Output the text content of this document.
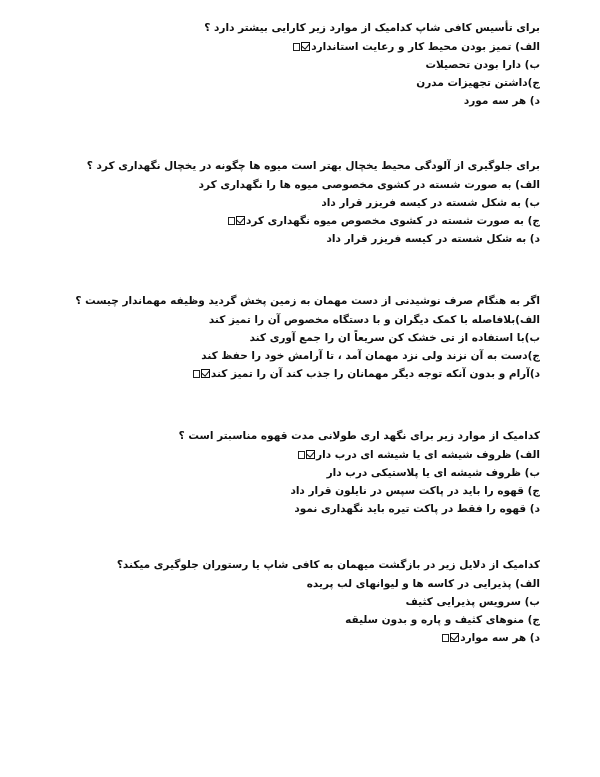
برای تأسیس کافی شاپ کدامیک از موارد زیر کارایی بیشتر دارد ؟
الف) تمیز بودن محیط کار و رعایت استاندارد
ب) دارا بودن تحصیلات
ج)داشتن تجهیزات مدرن
د) هر سه مورد
برای جلوگیری از آلودگی محیط یخچال بهتر است میوه ها چگونه در یخچال نگهداری کرد ؟
الف) به صورت شسته در کشوی مخصوصی میوه ها را نگهداری کرد
ب) به شکل شسته در کیسه فریزر قرار داد
ج) به صورت شسته در کشوی مخصوص میوه نگهداری کرد
د) به شکل شسته در کیسه فریزر قرار داد
اگر به هنگام صرف نوشیدنی از دست مهمان به زمین پخش گردید وظیفه مهماندار چیست ؟
الف)بلافاصله با کمک دیگران و با دستگاه مخصوص آن را تمیز کند
ب)با استفاده از تی خشک کن سریعاً ان را جمع آوری کند
ج)دست به آن نزند ولی نزد مهمان آمد ، تا آرامش خود را حفظ کند
د)آرام و بدون آنکه توجه دیگر مهمانان را جذب کند آن را تمیز کند
کدامیک از موارد زیر برای نگهد اری طولانی مدت قهوه مناسبتر است ؟
الف) ظروف شیشه ای یا شیشه ای درب دار
ب) ظروف شیشه ای یا پلاستیکی درب دار
ج) قهوه را باید در پاکت سپس در نایلون قرار داد
د) قهوه را فقط در پاکت تیره باید نگهداری نمود
کدامیک از دلایل زیر در بازگشت میهمان به کافی شاپ یا رستوران جلوگیری میکند؟
الف) پذیرایی در کاسه ها و لیوانهای لب پریده
ب) سرویس پذیرایی کثیف
ج) منوهای کثیف و پاره و بدون سلیقه
د) هر سه موارد
